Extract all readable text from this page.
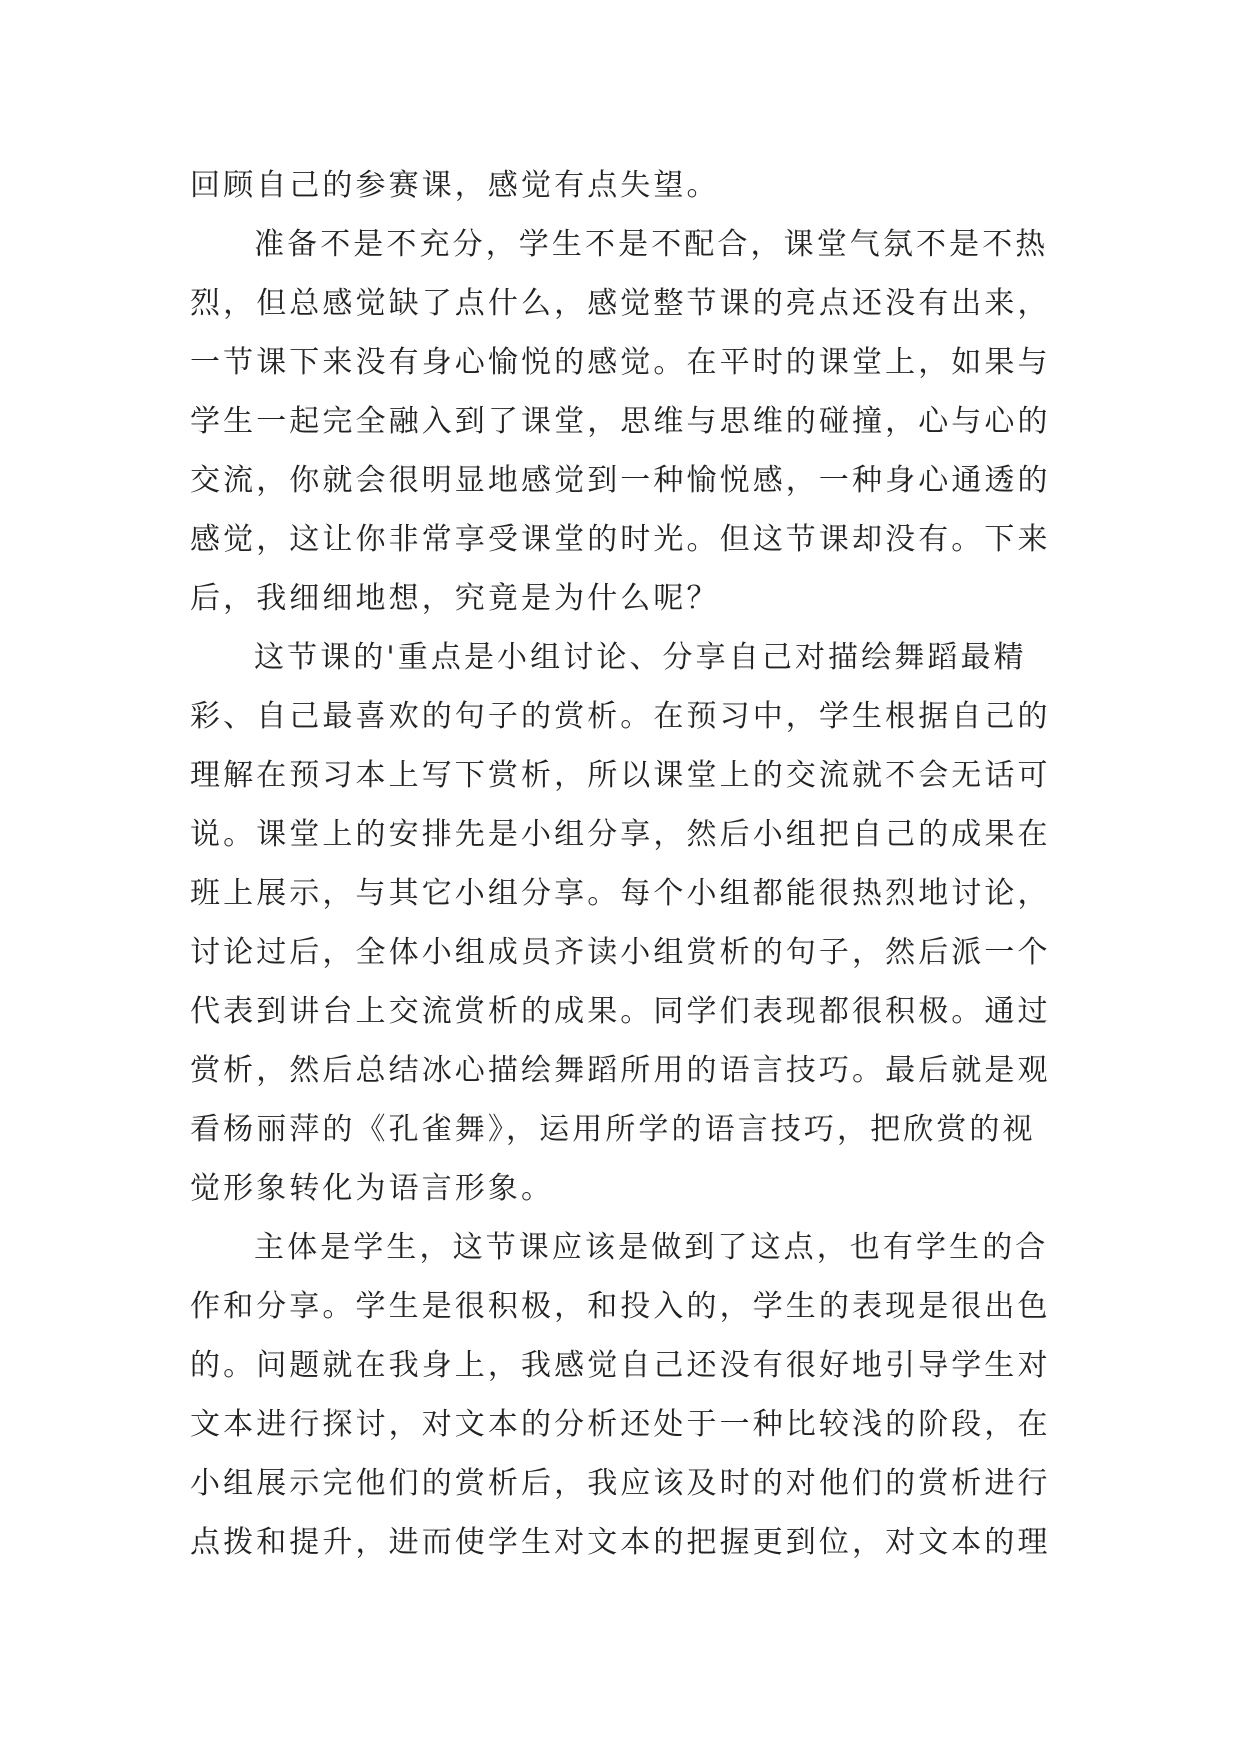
回顾自己的参赛课，感觉有点失望。
准备不是不充分，学生不是不配合，课堂气氛不是不热
烈，但总感觉缺了点什么，感觉整节课的亮点还没有出来，
一节课下来没有身心愉悦的感觉。在平时的课堂上，如果与
学生一起完全融入到了课堂，思维与思维的碰撞，心与心的
交流，你就会很明显地感觉到一种愉悦感，一种身心通透的
感觉，这让你非常享受课堂的时光。但这节课却没有。下来
后，我细细地想，究竟是为什么呢？
这节课的'重点是小组讨论、分享自己对描绘舞蹈最精
彩、自己最喜欢的句子的赏析。在预习中，学生根据自己的
理解在预习本上写下赏析，所以课堂上的交流就不会无话可
说。课堂上的安排先是小组分享，然后小组把自己的成果在
班上展示，与其它小组分享。每个小组都能很热烈地讨论，
讨论过后，全体小组成员齐读小组赏析的句子，然后派一个
代表到讲台上交流赏析的成果。同学们表现都很积极。通过
赏析，然后总结冰心描绘舞蹈所用的语言技巧。最后就是观
看杨丽萍的《孔雀舞》，运用所学的语言技巧，把欣赏的视
觉形象转化为语言形象。
主体是学生，这节课应该是做到了这点，也有学生的合
作和分享。学生是很积极，和投入的，学生的表现是很出色
的。问题就在我身上，我感觉自己还没有很好地引导学生对
文本进行探讨，对文本的分析还处于一种比较浅的阶段，在
小组展示完他们的赏析后，我应该及时的对他们的赏析进行
点拨和提升，进而使学生对文本的把握更到位，对文本的理
